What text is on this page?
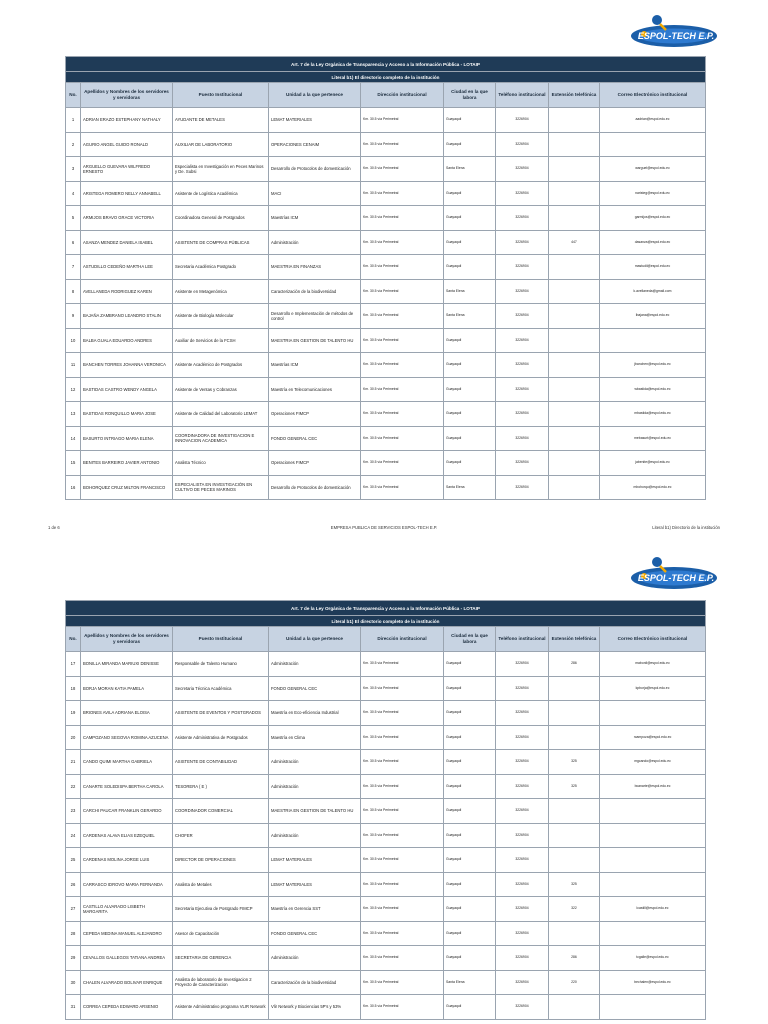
ESPOL-TECH E.P.
Art. 7 de la Ley Orgánica de Transparencia y Acceso a la Información Pública - LOTAIP								
Literal b1) El directorio completo de la institución								
No.	Apellidos y Nombres de los servidores y servidoras	Puesto Institucional	Unidad a la que pertenece	Dirección institucional	Ciudad en la que labora	Teléfono institucional	Extensión telefónica	Correo Electrónico institucional
1	ADRIAN ERAZO ESTEPHANY NATHALY	AYUDANTE DE METALES	LEMAT MATERIALES	Km. 30.5 vía Perimetral	Guayaquil	3226904		aadrian@espol.edu.ec
2	AGURIO ANGEL GUIDO RONALD	AUXILIAR DE LABORATORIO	OPERACIONES CENAIM	Km. 30.5 vía Perimetral	Guayaquil	3226904		
3	ARGUELLO GUEVARA WILFREDO ERNESTO	Especialista en Investigación en Peces Marinos y De. Subsi	Desarrollo de Protocolos de domesticación	Km. 30.5 vía Perimetral	Santa Elena	3226904		warguel@espol.edu.ec
4	ARISTEGA ROMERO NELLY ANNABELL	Asistente de Logística Académica	MACI	Km. 30.5 vía Perimetral	Guayaquil	3226904		naristeg@espol.edu.ec
5	ARMIJOS BRAVO GRACE VICTORIA	Coordinadora General de Postgrados	Maestrías ICM	Km. 30.5 vía Perimetral	Guayaquil	3226904		garmijos@espol.edu.ec
6	ASANZA MENDEZ DANIELA ISABEL	ASISTENTE DE COMPRAS PÚBLICAS	Administración	Km. 30.5 vía Perimetral	Guayaquil	3226904	447	dasanza@espol.edu.ec
7	ASTUDILLO CEDEÑO MARTHA LEE	Secretaria Académica Postgrado	MAESTRIA EN FINANZAS	Km. 30.5 vía Perimetral	Guayaquil	3226904		mastudil@espol.edu.ec
8	AVELLANEDA RODRIGUEZ KAREN	Asistente en Metagenómica	Caracterización de la biodiversidad	Km. 30.5 vía Perimetral	Santa Elena	3226904		k.avellaneda@gmail.com
9	BAJAÑA ZAMBRANO LEANDRO STALIN	Asistente de Biología Molecular	Desarrollo e Implementación de métodos de control	Km. 30.5 vía Perimetral	Santa Elena	3226904		lbajana@espol.edu.ec
10	BALBA GUALA EDUARDO ANDRES	Auxiliar de Servicios de la FCSH	MAESTRIA EN GESTION DE TALENTO HU	Km. 30.5 vía Perimetral	Guayaquil	3226904		
11	BANCHEN TORRES JOHANNA VERONICA	Asistente Académico de Postgrados	Maestrías ICM	Km. 30.5 vía Perimetral	Guayaquil	3226904		jbanchen@espol.edu.ec
12	BASTIDAS CASTRO WENDY ANGELA	Asistente de Ventas y Cobranzas	Maestría en Telecomunicaciones	Km. 30.5 vía Perimetral	Guayaquil	3226904		wbastida@espol.edu.ec
13	BASTIDAS RONQUILLO MARIA JOSE	Asistente de Calidad del Laboratorio LEMAT	Operaciones FIMCP	Km. 30.5 vía Perimetral	Guayaquil	3226904		mbastida@espol.edu.ec
14	BASURTO INTRIAGO MARIA ELENA	COORDINADORA DE INVESTIGACION E INNOVACION ACADEMICA	FONDO GENERAL CEC	Km. 30.5 vía Perimetral	Guayaquil	3226904		mebasurt@espol.edu.ec
15	BENITES BARREIRO JAVIER ANTONIO	Analista Técnico	Operaciones FIMCP	Km. 30.5 vía Perimetral	Guayaquil	3226904		jabenite@espol.edu.ec
16	BOHORQUEZ CRUZ MILTON FRANCISCO	ESPECIALISTA EN INVESTIGACIÓN EN CULTIVO DE PECES MARINOS	Desarrollo de Protocolos de domesticación	Km. 30.5 vía Perimetral	Santa Elena	3226904		mbohorqu@espol.edu.ec
1 de 6	EMPRESA PUBLICA DE SERVICIOS ESPOL-TECH E.P.	Literal b1) Directorio de la institución
ESPOL-TECH E.P.
Art. 7 de la Ley Orgánica de Transparencia y Acceso a la Información Pública - LOTAIP								
Literal b1) El directorio completo de la institución								
No.	Apellidos y Nombres de los servidores y servidoras	Puesto Institucional	Unidad a la que pertenece	Dirección institucional	Ciudad en la que labora	Teléfono institucional	Extensión telefónica	Correo Electrónico institucional
17	BONILLA MIRANDA MARIUXI DENISSE	Responsable de Talento Humano	Administración	Km. 30.5 vía Perimetral	Guayaquil	3226904	286	mabonil@espol.edu.ec
18	BORJA MORAN KATIA PAMELA	Secretaria Técnica Académica	FONDO GENERAL CEC	Km. 30.5 vía Perimetral	Guayaquil	3226904		kpborja@espol.edu.ec
19	BRIONES AVILA ADRIANA ELOISA	ASISTENTE DE EVENTOS Y POSTGRADOS	Maestría en Eco-eficiencia Industrial	Km. 30.5 vía Perimetral	Guayaquil	3226904		
20	CAMPOZANO SEGOVIA ROMINA AZUCENA	Asistente Administrativa de Postgrados	Maestría en Clima	Km. 30.5 vía Perimetral	Guayaquil	3226904		rcampoza@espol.edu.ec
21	CANDO QUIMI MARTHA GABRIELA	ASISTENTE DE CONTABILIDAD	Administración	Km. 30.5 vía Perimetral	Guayaquil	3226904	325	mgcando@espol.edu.ec
22	CANARTE SOLEDISPA BERTHA CAROLA	TESORERA ( E )	Administración	Km. 30.5 vía Perimetral	Guayaquil	3226904	325	bcanarte@espol.edu.ec
23	CARCHI PAUCAR FRANKLIN GERARDO	COORDINADOR COMERCIAL	MAESTRIA EN GESTION DE TALENTO HU	Km. 30.5 vía Perimetral	Guayaquil	3226904		
24	CARDENAS ALAVA ELIAS EZEQUIEL	CHOFER	Administración	Km. 30.5 vía Perimetral	Guayaquil	3226904		
25	CARDENAS MOLINA JORGE LUIS	DIRECTOR DE OPERACIONES	LEMAT MATERIALES	Km. 30.5 vía Perimetral	Guayaquil	3226904		
26	CARRASCO IDROVO MARIA FERNANDA	Analista de Metales	LEMAT MATERIALES	Km. 30.5 vía Perimetral	Guayaquil	3226904	325	
27	CASTILLO ALVARADO LISBETH MARGARITA	Secretaria Ejecutiva de Postgrado FIMCP	Maestría en Gerencia SST	Km. 30.5 vía Perimetral	Guayaquil	3226904	322	lcastill@espol.edu.ec
28	CEPEDA MEDINA MANUEL ALEJANDRO	Asesor de Capacitación	FONDO GENERAL CEC	Km. 30.5 vía Perimetral	Guayaquil	3226904		
29	CEVALLOS GALLEGOS TATIANA ANDREA	SECRETARIA DE GERENCIA	Administración	Km. 30.5 vía Perimetral	Guayaquil	3226904	286	tcgalle@espol.edu.ec
30	CHALEN ALVARADO BOLIVAR ENRIQUE	Analista de laboratorio de Investigacion 2 Proyecto de Caracterizacion	Caracterización de la biodiversidad	Km. 30.5 vía Perimetral	Santa Elena	3226904	220	bechalen@espol.edu.ec
31	CORREA CEPEDA EDWARD ARSENIO	Asistente Administrativo programa VLIR Network	Vlir Network y Biociencias 5P's y 53%	Km. 30.5 vía Perimetral	Guayaquil	3226904		
